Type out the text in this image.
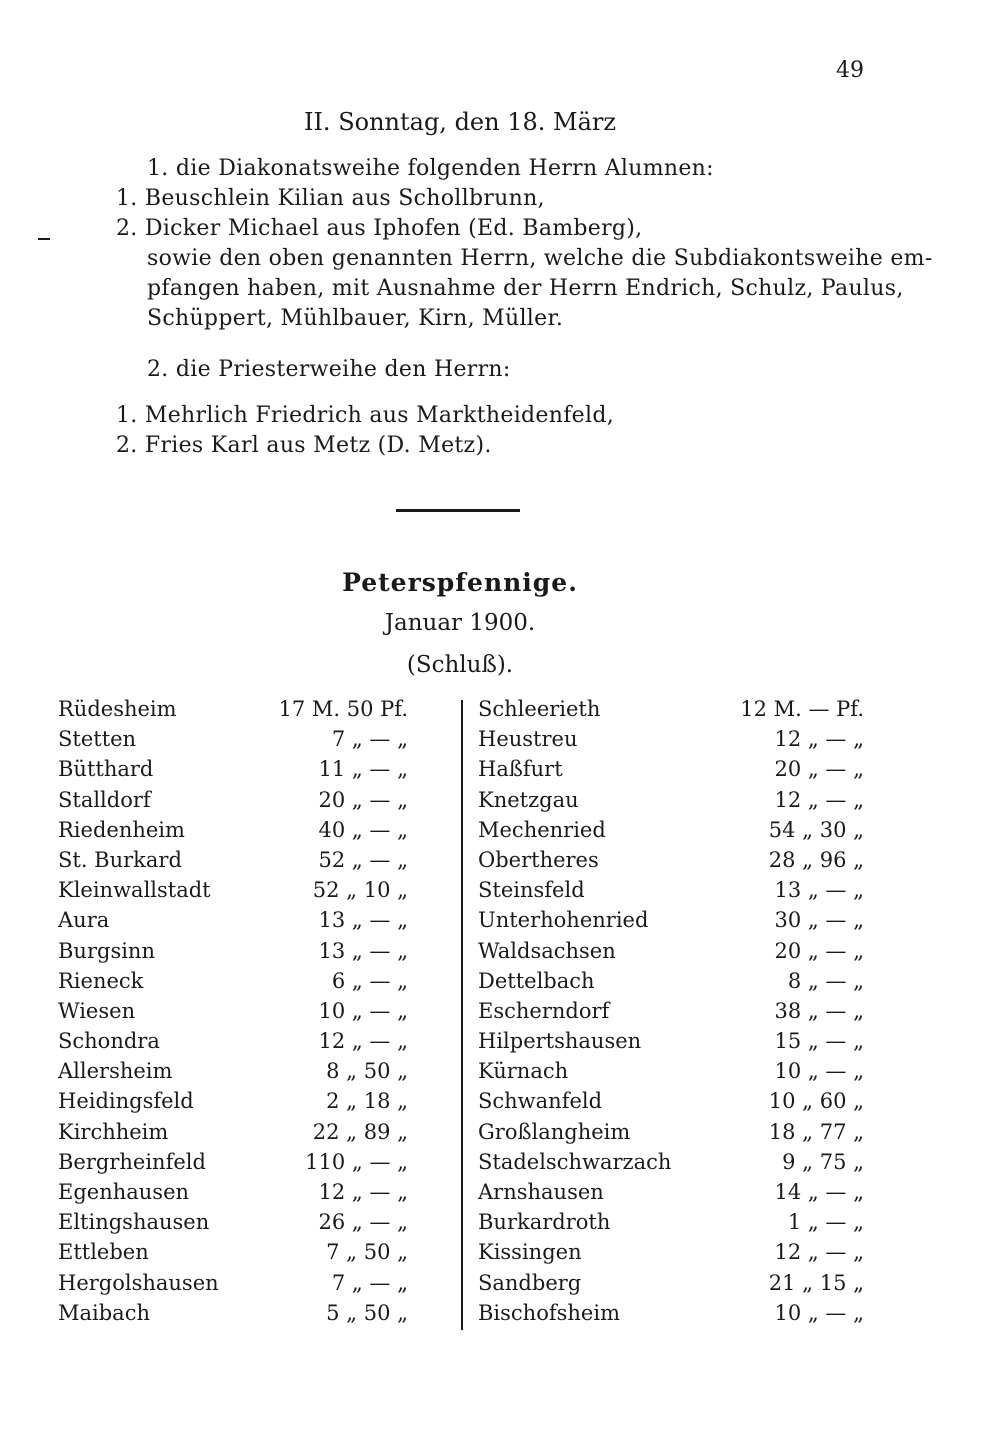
49
II. Sonntag, den 18. März
1. die Diakonatsweihe folgenden Herrn Alumnen:
1. Beuschlein Kilian aus Schollbrunn,
2. Dicker Michael aus Iphofen (Ed. Bamberg),
sowie den oben genannten Herrn, welche die Subdiakontsweihe em-
pfangen haben, mit Ausnahme der Herrn Endrich, Schulz, Paulus,
Schüppert, Mühlbauer, Kirn, Müller.
2. die Priesterweihe den Herrn:
1. Mehrlich Friedrich aus Marktheidenfeld,
2. Fries Karl aus Metz (D. Metz).
Peterspfennige.
Januar 1900.
(Schluß).
Rüdesheim	17 M. 50 Pf.	Schleerieth	12 M. — Pf.
Stetten	7 „ — „	Heustreu	12 „ — „
Bütthard	11 „ — „	Haßfurt	20 „ — „
Stalldorf	20 „ — „	Knetzgau	12 „ — „
Riedenheim	40 „ — „	Mechenried	54 „ 30 „
St. Burkard	52 „ — „	Obertheres	28 „ 96 „
Kleinwallstadt	52 „ 10 „	Steinsfeld	13 „ — „
Aura	13 „ — „	Unterhohenried	30 „ — „
Burgsinn	13 „ — „	Waldsachsen	20 „ — „
Rieneck	6 „ — „	Dettelbach	8 „ — „
Wiesen	10 „ — „	Escherndorf	38 „ — „
Schondra	12 „ — „	Hilpertshausen	15 „ — „
Allersheim	8 „ 50 „	Kürnach	10 „ — „
Heidingsfeld	2 „ 18 „	Schwanfeld	10 „ 60 „
Kirchheim	22 „ 89 „	Großlangheim	18 „ 77 „
Bergrheinfeld	110 „ — „	Stadelschwarzach	9 „ 75 „
Egenhausen	12 „ — „	Arnshausen	14 „ — „
Eltingshausen	26 „ — „	Burkardroth	1 „ — „
Ettleben	7 „ 50 „	Kissingen	12 „ — „
Hergolshausen	7 „ — „	Sandberg	21 „ 15 „
Maibach	5 „ 50 „	Bischofsheim	10 „ — „
